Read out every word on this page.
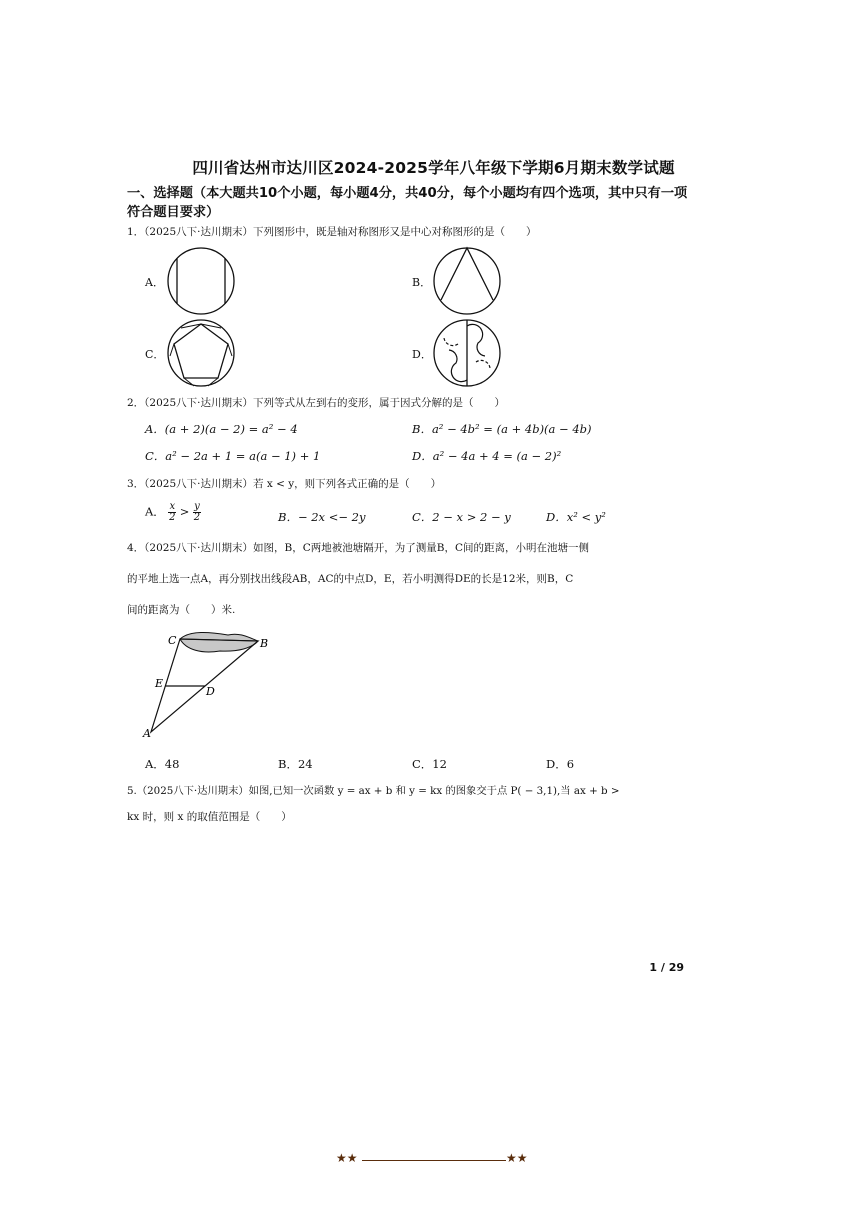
四川省达州市达川区2024-2025学年八年级下学期6月期末数学试题
一、选择题（本大题共10个小题，每小题4分，共40分，每个小题均有四个选项，其中只有一项符合题目要求）
1．（2025八下·达川期末）下列图形中，既是轴对称图形又是中心对称图形的是（　　）
A．	B．
C．	D．
2．（2025八下·达川期末）下列等式从左到右的变形，属于因式分解的是（　　）
A．(a + 2)(a − 2) = a² − 4	B．a² − 4b² = (a + 4b)(a − 4b)
C．a² − 2a + 1 = a(a − 1) + 1	D．a² − 4a + 4 = (a − 2)²
3．（2025八下·达川期末）若 x < y，则下列各式正确的是（　　）
A． $\frac{x}{2} > \frac{y}{2}$	B．− 2x <− 2y	C．2 − x > 2 − y	D．x² < y²
4．（2025八下·达川期末）如图，B，C两地被池塘隔开，为了测量B，C间的距离，小明在池塘一侧
的平地上选一点A，再分别找出线段AB，AC的中点D，E，若小明测得DE的长是12米，则B，C
间的距离为（　　）米.
C	B
E
D
A
A．48	B．24	C．12	D．6
5.（2025八下·达川期末）如图,已知一次函数 y = ax + b 和 y = kx 的图象交于点 P( − 3,1),当 ax + b >
kx 时，则 x 的取值范围是（　　）
1 / 29
★★	★★
